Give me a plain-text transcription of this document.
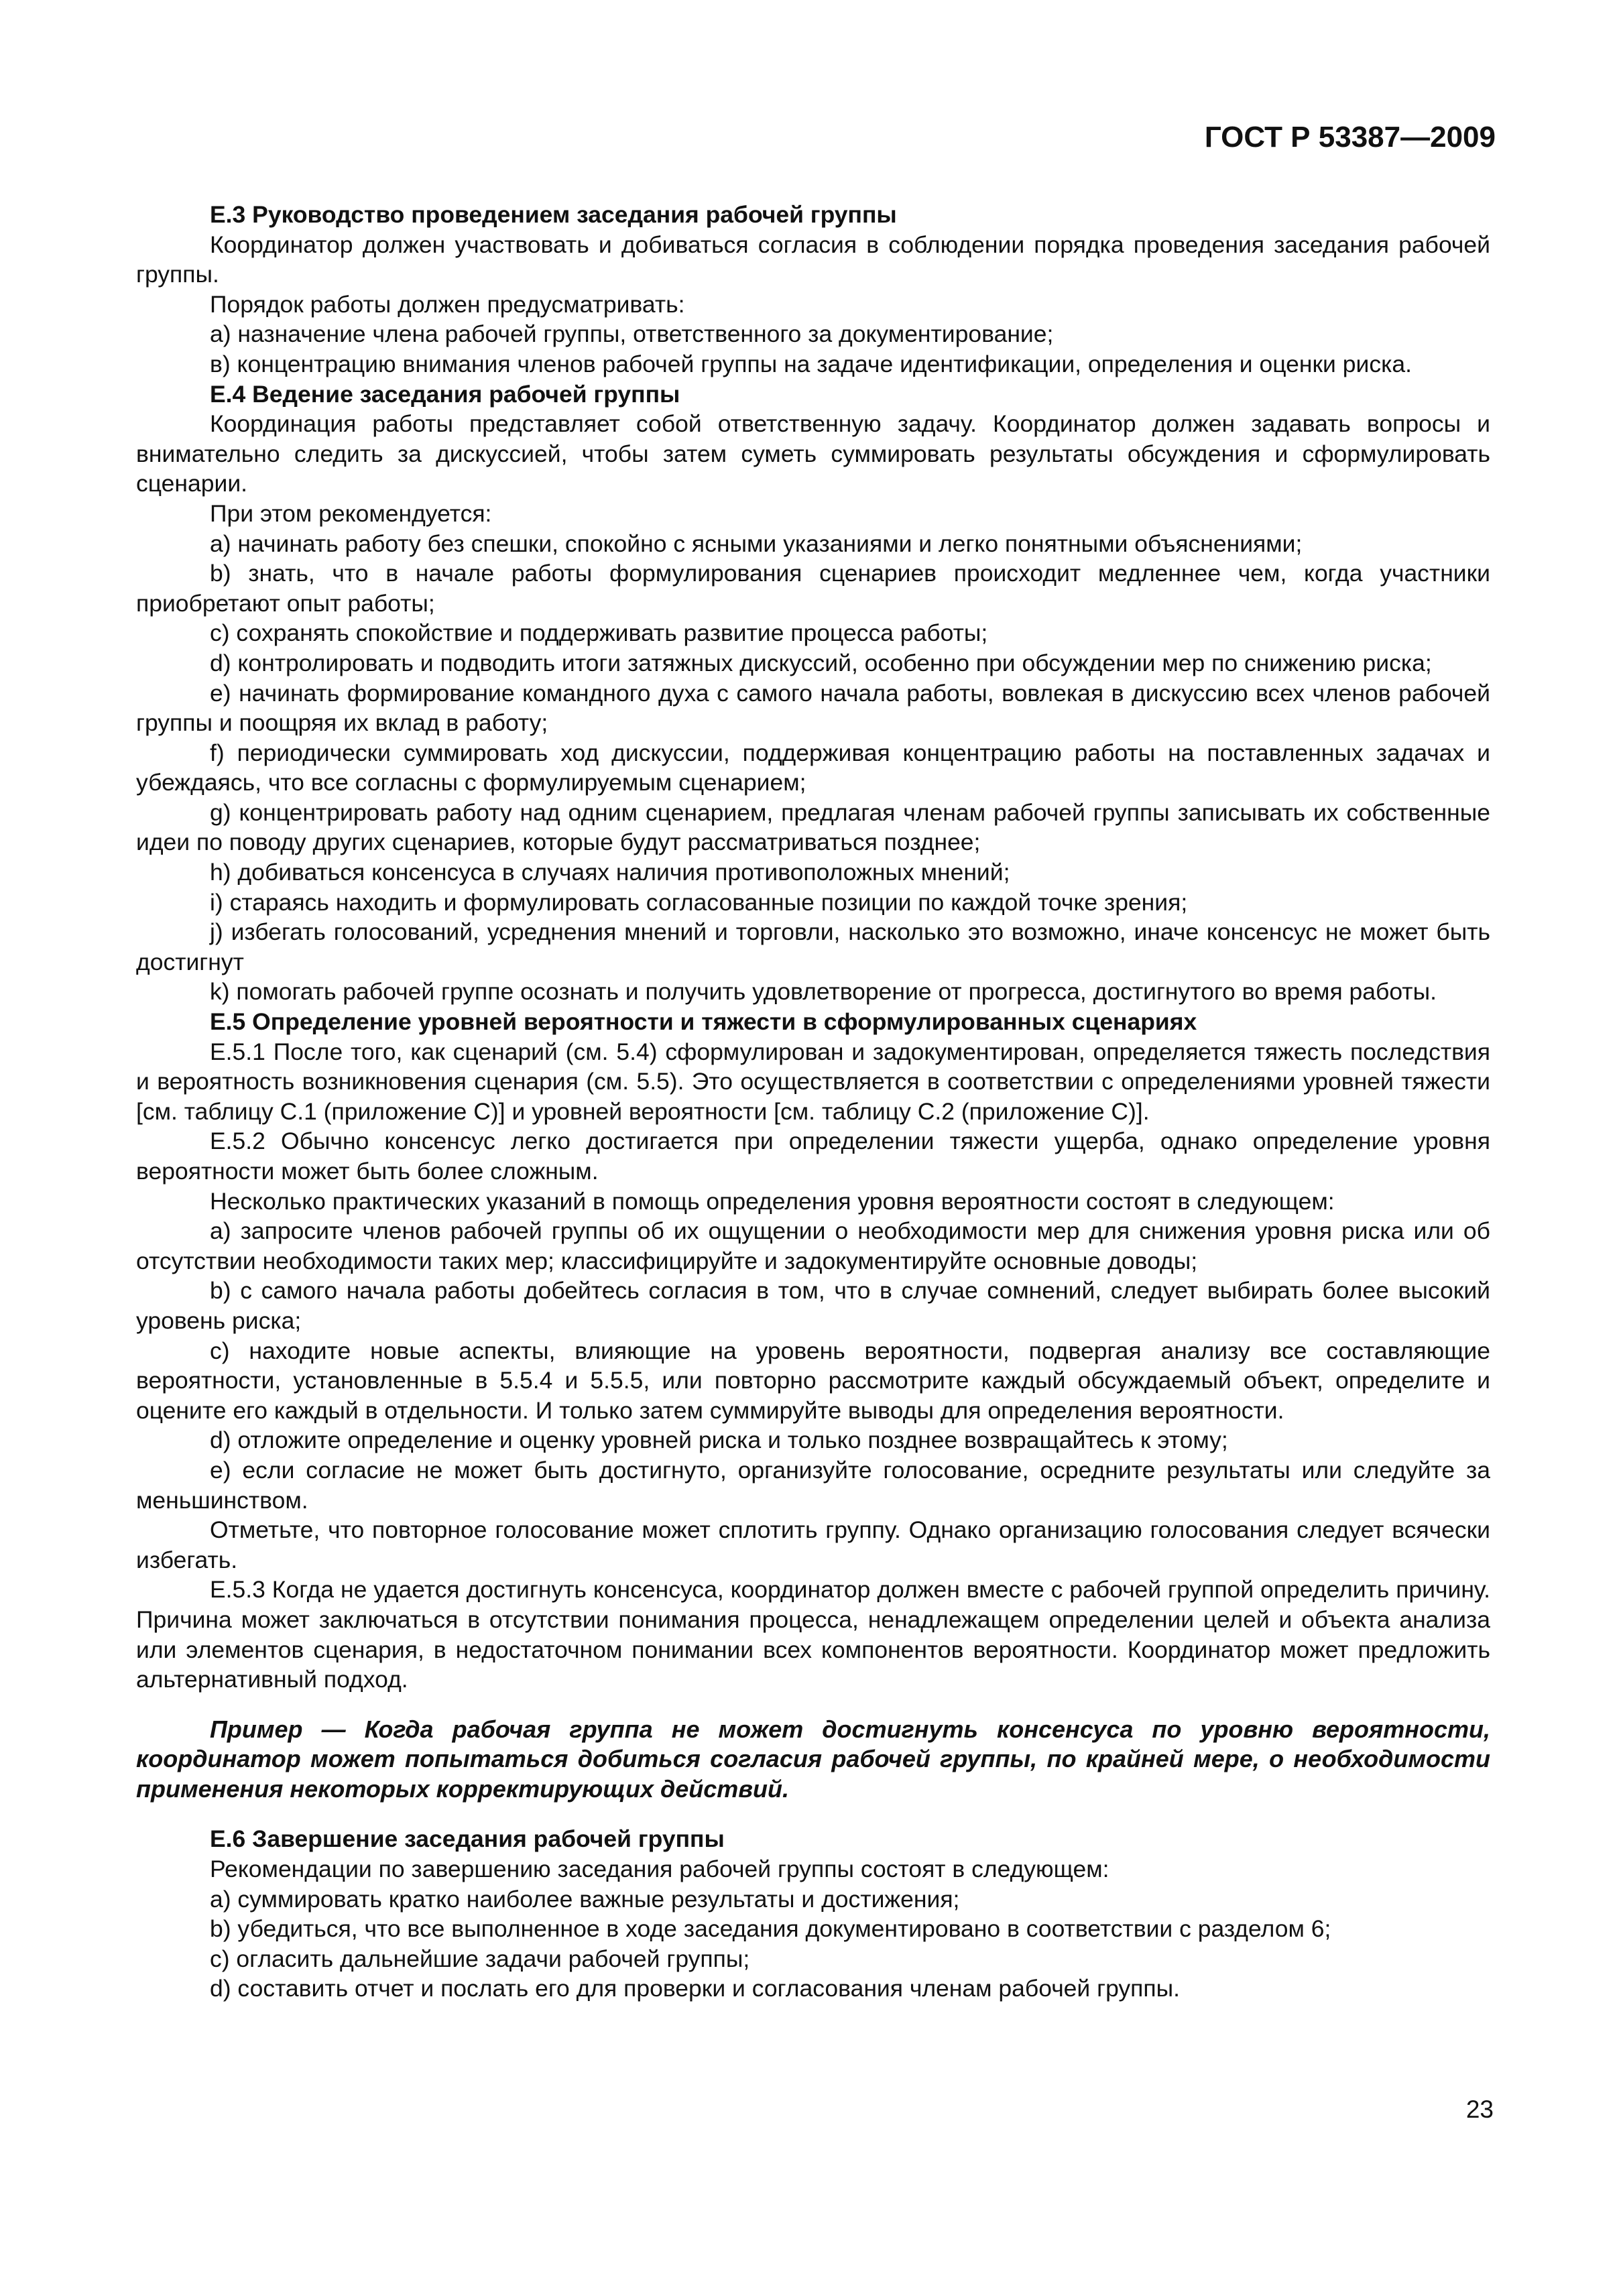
ГОСТ Р 53387—2009

Е.3 Руководство проведением заседания рабочей группы

Координатор должен участвовать и добиваться согласия в соблюдении порядка проведения заседания рабочей группы.

Порядок работы должен предусматривать:

а) назначение члена рабочей группы, ответственного за документирование;

в) концентрацию внимания членов рабочей группы на задаче идентификации, определения и оценки риска.

Е.4 Ведение заседания рабочей группы

Координация работы представляет собой ответственную задачу. Координатор должен задавать вопросы и внимательно следить за дискуссией, чтобы затем суметь суммировать результаты обсуждения и сформулировать сценарии.

При этом рекомендуется:

а) начинать работу без спешки, спокойно с ясными указаниями и легко понятными объяснениями;

b) знать, что в начале работы формулирования сценариев происходит медленнее чем, когда участники приобретают опыт работы;

с) сохранять спокойствие и поддерживать развитие процесса работы;

d) контролировать и подводить итоги затяжных дискуссий, особенно при обсуждении мер по снижению риска;

е) начинать формирование командного духа с самого начала работы, вовлекая в дискуссию всех членов рабочей группы и поощряя их вклад в работу;

f) периодически суммировать ход дискуссии, поддерживая концентрацию работы на поставленных задачах и убеждаясь, что все согласны с формулируемым сценарием;

g) концентрировать работу над одним сценарием, предлагая членам рабочей группы записывать их собственные идеи по поводу других сценариев, которые будут рассматриваться позднее;

h) добиваться консенсуса в случаях наличия противоположных мнений;

i) стараясь находить и формулировать согласованные позиции по каждой точке зрения;

j) избегать голосований, усреднения мнений и торговли, насколько это возможно, иначе консенсус не может быть достигнут

k) помогать рабочей группе осознать и получить удовлетворение от прогресса, достигнутого во время работы.

Е.5 Определение уровней вероятности и тяжести в сформулированных сценариях

Е.5.1 После того, как сценарий (см. 5.4) сформулирован и задокументирован, определяется тяжесть последствия и вероятность возникновения сценария (см. 5.5). Это осуществляется в соответствии с определениями уровней тяжести [см. таблицу С.1 (приложение С)] и уровней вероятности [см. таблицу С.2 (приложение С)].

Е.5.2 Обычно консенсус легко достигается при определении тяжести ущерба, однако определение уровня вероятности может быть более сложным.

Несколько практических указаний в помощь определения уровня вероятности состоят в следующем:

а) запросите членов рабочей группы об их ощущении о необходимости мер для снижения уровня риска или об отсутствии необходимости таких мер; классифицируйте и задокументируйте основные доводы;

b) с самого начала работы добейтесь согласия в том, что в случае сомнений, следует выбирать более высокий уровень риска;

с) находите новые аспекты, влияющие на уровень вероятности, подвергая анализу все составляющие вероятности, установленные в 5.5.4 и 5.5.5, или повторно рассмотрите каждый обсуждаемый объект, определите и оцените его каждый в отдельности. И только затем суммируйте выводы для определения вероятности.

d) отложите определение и оценку уровней риска и только позднее возвращайтесь к этому;

е) если согласие не может быть достигнуто, организуйте голосование, осредните результаты или следуйте за меньшинством.

Отметьте, что повторное голосование может сплотить группу. Однако организацию голосования следует всячески избегать.

Е.5.3 Когда не удается достигнуть консенсуса, координатор должен вместе с рабочей группой определить причину. Причина может заключаться в отсутствии понимания процесса, ненадлежащем определении целей и объекта анализа или элементов сценария, в недостаточном понимании всех компонентов вероятности. Координатор может предложить альтернативный подход.

Пример — Когда рабочая группа не может достигнуть консенсуса по уровню вероятности, координатор может попытаться добиться согласия рабочей группы, по крайней мере, о необходимости применения некоторых корректирующих действий.

Е.6 Завершение заседания рабочей группы

Рекомендации по завершению заседания рабочей группы состоят в следующем:

а) суммировать кратко наиболее важные результаты и достижения;

b) убедиться, что все выполненное в ходе заседания документировано в соответствии с разделом 6;

с) огласить дальнейшие задачи рабочей группы;

d) составить отчет и послать его для проверки и согласования членам рабочей группы.

23
